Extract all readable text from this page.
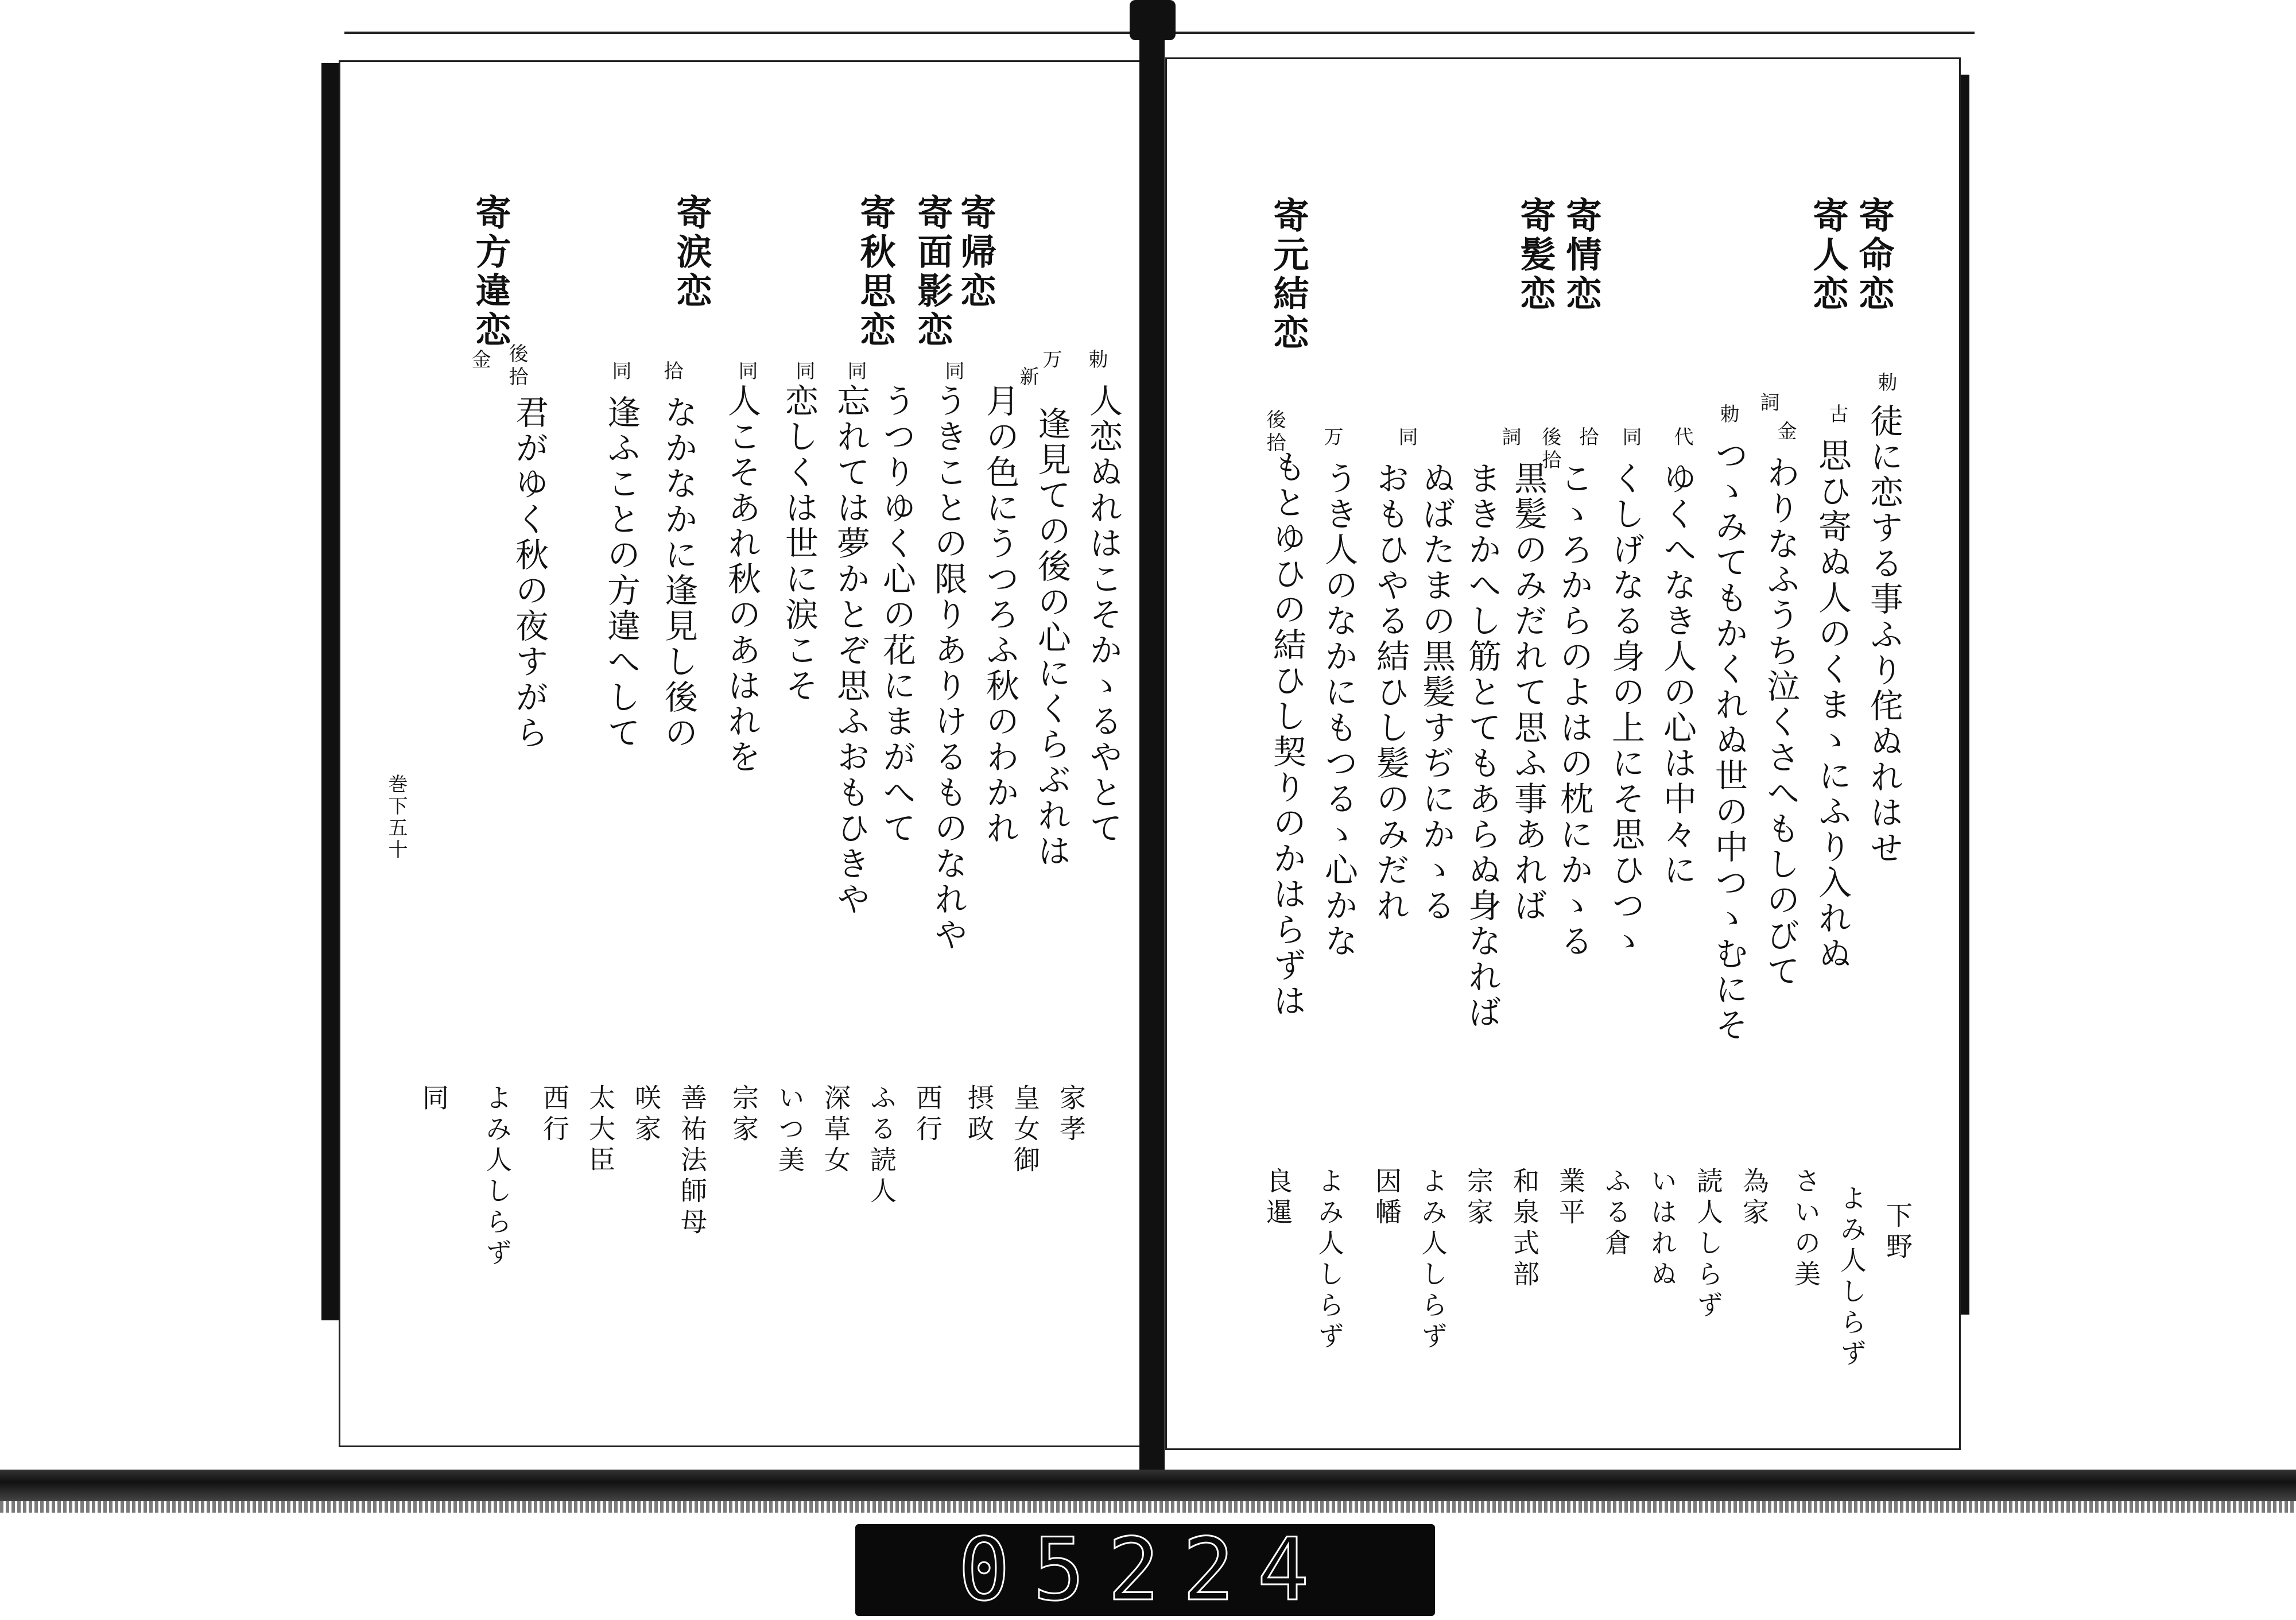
寄帰恋
寄面影恋
寄秋思恋
寄涙恋
寄方違恋
勅
万
新
同
同
同
同
拾
同
後拾
金
人恋ぬれはこそかゝるやとて
逢見ての後の心にくらぶれは
月の色にうつろふ秋のわかれ
うきことの限りありけるものなれや
うつりゆく心の花にまがへて
忘れては夢かとぞ思ふおもひきや
恋しくは世に涙こそ
人こそあれ秋のあはれを
なかなかに逢見し後の
逢ふことの方違へして
君がゆく秋の夜すがら
家孝
皇女御
摂政
西行
ふる読人
深草女
いつ美
宗家
善祐法師母
咲家
太大臣
西行
よみ人しらず
同
巻下五十
寄命恋
寄人恋
寄情恋
寄髪恋
寄元結恋
勅
古
金
詞
勅
代
同
拾
後拾
詞
後拾 万	同	徒に恋する事ふり侘ぬれはせ
思ひ寄ぬ人のくまゝにふり入れぬ
わりなふうち泣くさへもしのびて
つゝみてもかくれぬ世の中つゝむにそ
ゆくへなき人の心は中々に
くしげなる身の上にそ思ひつゝ
こゝろからのよはの枕にかゝる
黒髪のみだれて思ふ事あれば
まきかへし筋とてもあらぬ身なれば
ぬばたまの黒髪すぢにかゝる
おもひやる結ひし髪のみだれ
うき人のなかにもつるゝ心かな
もとゆひの結ひし契りのかはらずは
下野
よみ人しらず
さいの美
為家
読人しらず
いはれぬ
ふる倉
業平
和泉式部
宗家
よみ人しらず
因幡
よみ人しらず
良暹
05224
